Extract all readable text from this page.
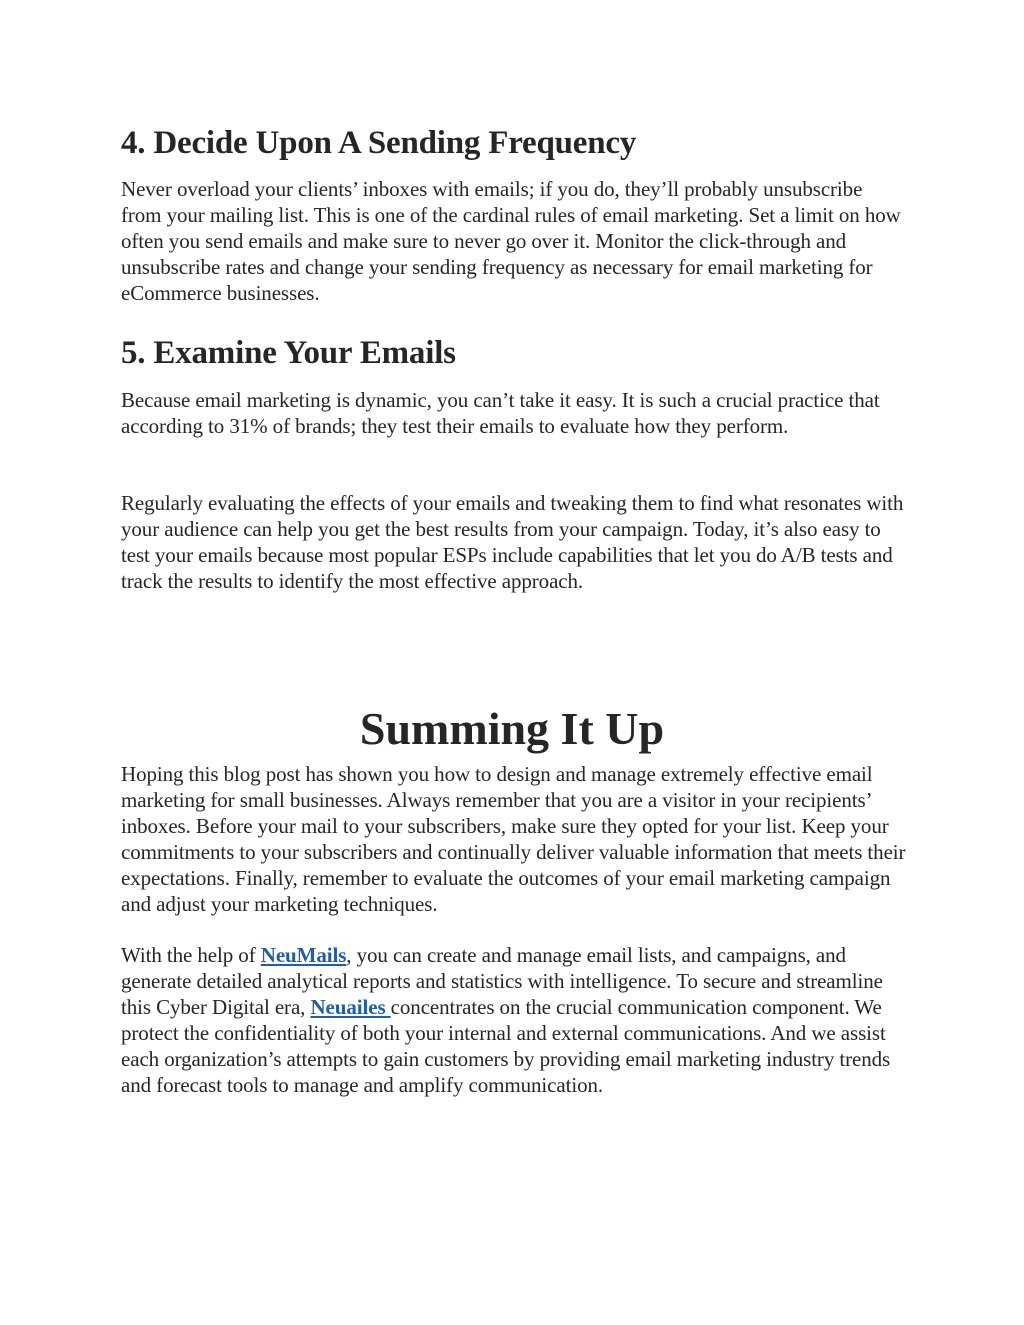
4. Decide Upon A Sending Frequency

Never overload your clients’ inboxes with emails; if you do, they’ll probably unsubscribe from your mailing list. This is one of the cardinal rules of email marketing. Set a limit on how often you send emails and make sure to never go over it. Monitor the click-through and unsubscribe rates and change your sending frequency as necessary for email marketing for eCommerce businesses.

5. Examine Your Emails

Because email marketing is dynamic, you can’t take it easy. It is such a crucial practice that according to 31% of brands; they test their emails to evaluate how they perform.

Regularly evaluating the effects of your emails and tweaking them to find what resonates with your audience can help you get the best results from your campaign. Today, it’s also easy to test your emails because most popular ESPs include capabilities that let you do A/B tests and track the results to identify the most effective approach.

Summing It Up

Hoping this blog post has shown you how to design and manage extremely effective email marketing for small businesses. Always remember that you are a visitor in your recipients’ inboxes. Before your mail to your subscribers, make sure they opted for your list. Keep your commitments to your subscribers and continually deliver valuable information that meets their expectations. Finally, remember to evaluate the outcomes of your email marketing campaign and adjust your marketing techniques.

With the help of NeuMails, you can create and manage email lists, and campaigns, and generate detailed analytical reports and statistics with intelligence. To secure and streamline this Cyber Digital era, Neuailes concentrates on the crucial communication component. We protect the confidentiality of both your internal and external communications. And we assist each organization’s attempts to gain customers by providing email marketing industry trends and forecast tools to manage and amplify communication.
